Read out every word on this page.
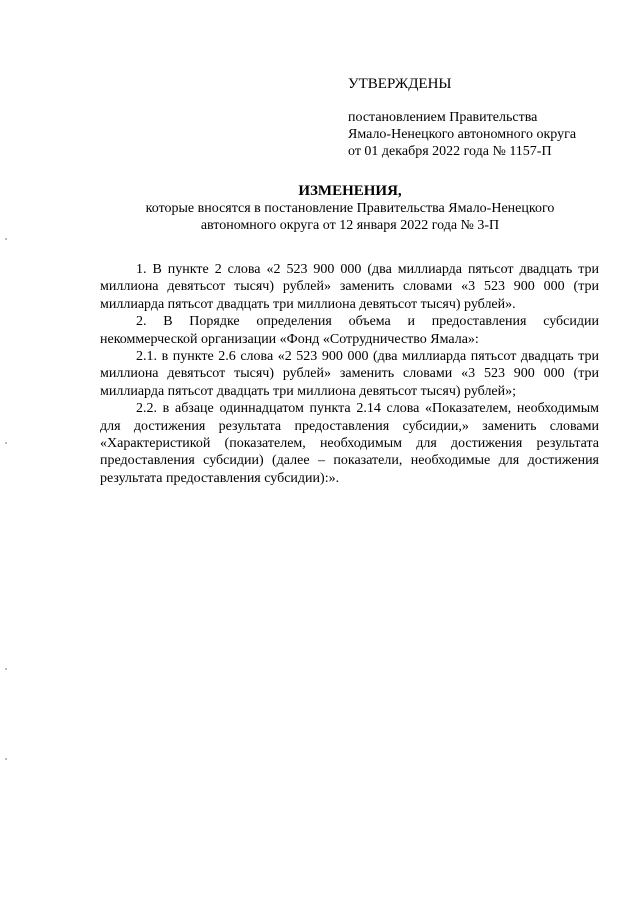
УТВЕРЖДЕНЫ
постановлением Правительства
Ямало-Ненецкого автономного округа
от 01 декабря 2022 года № 1157-П
ИЗМЕНЕНИЯ,
которые вносятся в постановление Правительства Ямало-Ненецкого
автономного округа от 12 января 2022 года № 3-П

1. В пункте 2 слова «2 523 900 000 (два миллиарда пятьсот двадцать три миллиона девятьсот тысяч) рублей» заменить словами «3 523 900 000 (три миллиарда пятьсот двадцать три миллиона девятьсот тысяч) рублей».

2. В Порядке определения объема и предоставления субсидии некоммерческой организации «Фонд «Сотрудничество Ямала»:

2.1. в пункте 2.6 слова «2 523 900 000 (два миллиарда пятьсот двадцать три миллиона девятьсот тысяч) рублей» заменить словами «3 523 900 000 (три миллиарда пятьсот двадцать три миллиона девятьсот тысяч) рублей»;

2.2. в абзаце одиннадцатом пункта 2.14 слова «Показателем, необходимым для достижения результата предоставления субсидии,» заменить словами «Характеристикой (показателем, необходимым для достижения результата предоставления субсидии) (далее – показатели, необходимые для достижения результата предоставления субсидии):».
